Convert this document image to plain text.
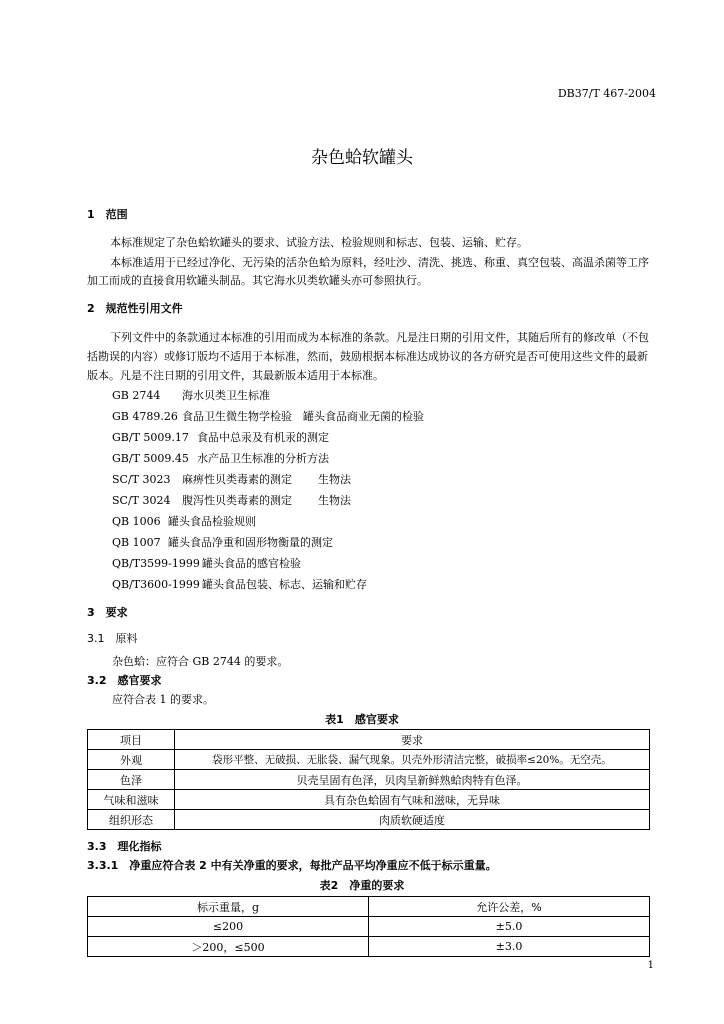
DB37/T 467-2004
杂色蛤软罐头
1　范围
本标准规定了杂色蛤软罐头的要求、试验方法、检验规则和标志、包装、运输、贮存。
本标准适用于已经过净化、无污染的活杂色蛤为原料，经吐沙、清洗、挑选、称重、真空包装、高温杀菌等工序加工而成的直接食用软罐头制品。其它海水贝类软罐头亦可参照执行。
2　规范性引用文件
下列文件中的条款通过本标准的引用而成为本标准的条款。凡是注日期的引用文件，其随后所有的修改单（不包括勘误的内容）或修订版均不适用于本标准，然而，鼓励根据本标准达成协议的各方研究是否可使用这些文件的最新版本。凡是不注日期的引用文件，其最新版本适用于本标准。
GB 2744 海水贝类卫生标准
GB 4789.26 食品卫生微生物学检验　罐头食品商业无菌的检验
GB/T 5009.17 食品中总汞及有机汞的测定
GB/T 5009.45 水产品卫生标准的分析方法
SC/T 3023 麻痹性贝类毒素的测定 生物法
SC/T 3024 腹泻性贝类毒素的测定 生物法
QB 1006 罐头食品检验规则
QB 1007 罐头食品净重和固形物衡量的测定
QB/T3599-1999 罐头食品的感官检验
QB/T3600-1999 罐头食品包装、标志、运输和贮存
3　要求
3.1　原料
杂色蛤：应符合 GB 2744 的要求。
3.2　感官要求
应符合表 1 的要求。
表1　感官要求
项目	要求
外观	袋形平整、无破损、无胀袋、漏气现象。贝壳外形清洁完整，破损率≤20%。无空壳。
色泽	贝壳呈固有色泽，贝肉呈新鲜熟蛤肉特有色泽。
气味和滋味	具有杂色蛤固有气味和滋味，无异味
组织形态	肉质软硬适度
3.3　理化指标
3.3.1　净重应符合表 2 中有关净重的要求，每批产品平均净重应不低于标示重量。
表2　净重的要求
标示重量，g	允许公差，%
≤200	±5.0
＞200，≤500	±3.0
1
